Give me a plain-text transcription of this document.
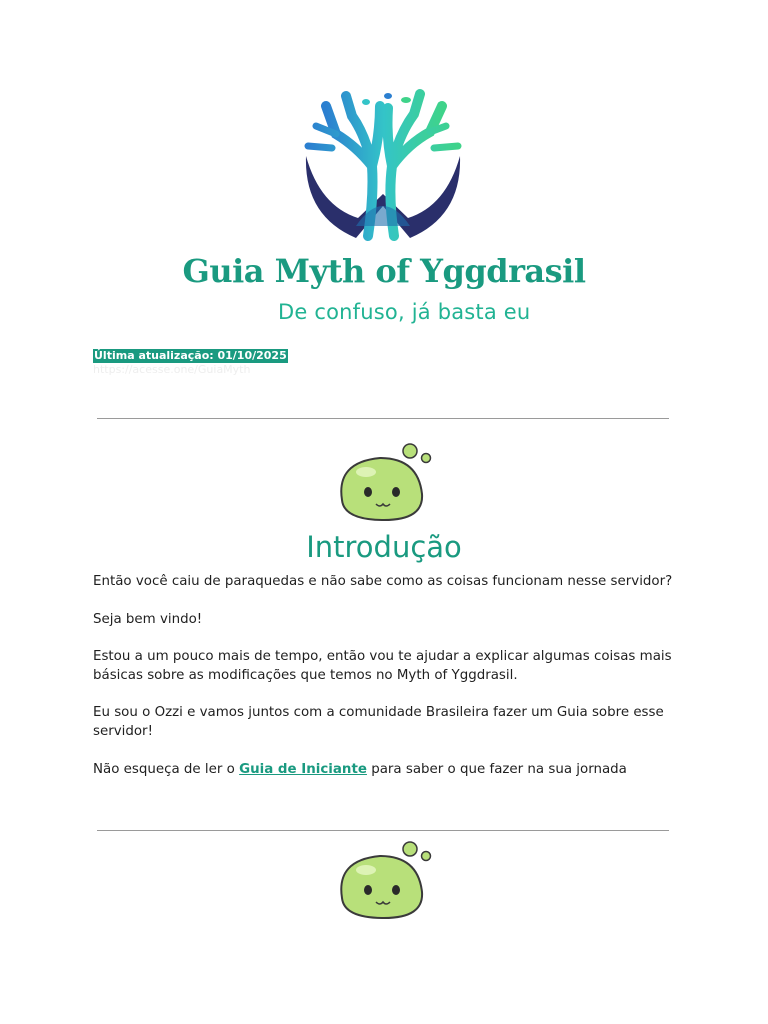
Guia Myth of Yggdrasil
De confuso, já basta eu
Última atualização: 01/10/2025
https://acesse.one/GuiaMyth
Introdução

Então você caiu de paraquedas e não sabe como as coisas funcionam nesse servidor?

Seja bem vindo!

Estou a um pouco mais de tempo, então vou te ajudar a explicar algumas coisas mais básicas sobre as modificações que temos no Myth of Yggdrasil.

Eu sou o Ozzi e vamos juntos com a comunidade Brasileira fazer um Guia sobre esse servidor!

Não esqueça de ler o Guia de Iniciante para saber o que fazer na sua jornada
